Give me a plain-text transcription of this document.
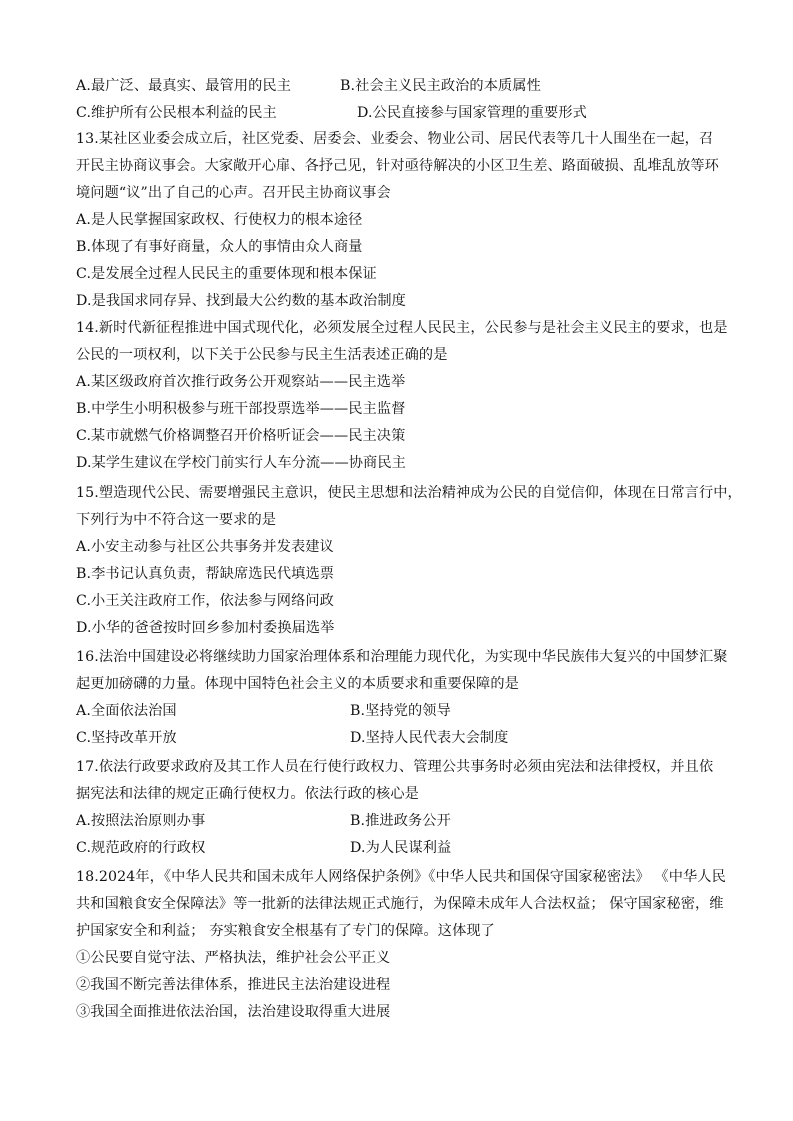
A.最广泛、最真实、最管用的民主	B.社会主义民主政治的本质属性
C.维护所有公民根本利益的民主	D.公民直接参与国家管理的重要形式
13.某社区业委会成立后，社区党委、居委会、业委会、物业公司、居民代表等几十人围坐在一起，召
开民主协商议事会。大家敞开心扉、各抒己见，针对亟待解决的小区卫生差、路面破损、乱堆乱放等环
境问题“议”出了自己的心声。召开民主协商议事会
A.是人民掌握国家政权、行使权力的根本途径
B.体现了有事好商量，众人的事情由众人商量
C.是发展全过程人民民主的重要体现和根本保证
D.是我国求同存异、找到最大公约数的基本政治制度
14.新时代新征程推进中国式现代化，必须发展全过程人民民主，公民参与是社会主义民主的要求，也是
公民的一项权利，以下关于公民参与民主生活表述正确的是
A.某区级政府首次推行政务公开观察站——民主选举
B.中学生小明积极参与班干部投票选举——民主监督
C.某市就燃气价格调整召开价格听证会——民主决策
D.某学生建议在学校门前实行人车分流——协商民主
15.塑造现代公民、需要增强民主意识，使民主思想和法治精神成为公民的自觉信仰，体现在日常言行中，
下列行为中不符合这一要求的是
A.小安主动参与社区公共事务并发表建议
B.李书记认真负责，帮缺席选民代填选票
C.小王关注政府工作，依法参与网络问政
D.小华的爸爸按时回乡参加村委换届选举
16.法治中国建设必将继续助力国家治理体系和治理能力现代化，为实现中华民族伟大复兴的中国梦汇聚
起更加磅礴的力量。体现中国特色社会主义的本质要求和重要保障的是
A.全面依法治国	B.坚持党的领导
C.坚持改革开放	D.坚持人民代表大会制度
17.依法行政要求政府及其工作人员在行使行政权力、管理公共事务时必须由宪法和法律授权，并且依
据宪法和法律的规定正确行使权力。依法行政的核心是
A.按照法治原则办事	B.推进政务公开
C.规范政府的行政权	D.为人民谋利益
18.2024年，《中华人民共和国未成年人网络保护条例》《中华人民共和国保守国家秘密法》 《中华人民
共和国粮食安全保障法》等一批新的法律法规正式施行，为保障未成年人合法权益； 保守国家秘密，维
护国家安全和利益； 夯实粮食安全根基有了专门的保障。这体现了
①公民要自觉守法、严格执法，维护社会公平正义
②我国不断完善法律体系，推进民主法治建设进程
③我国全面推进依法治国，法治建设取得重大进展
